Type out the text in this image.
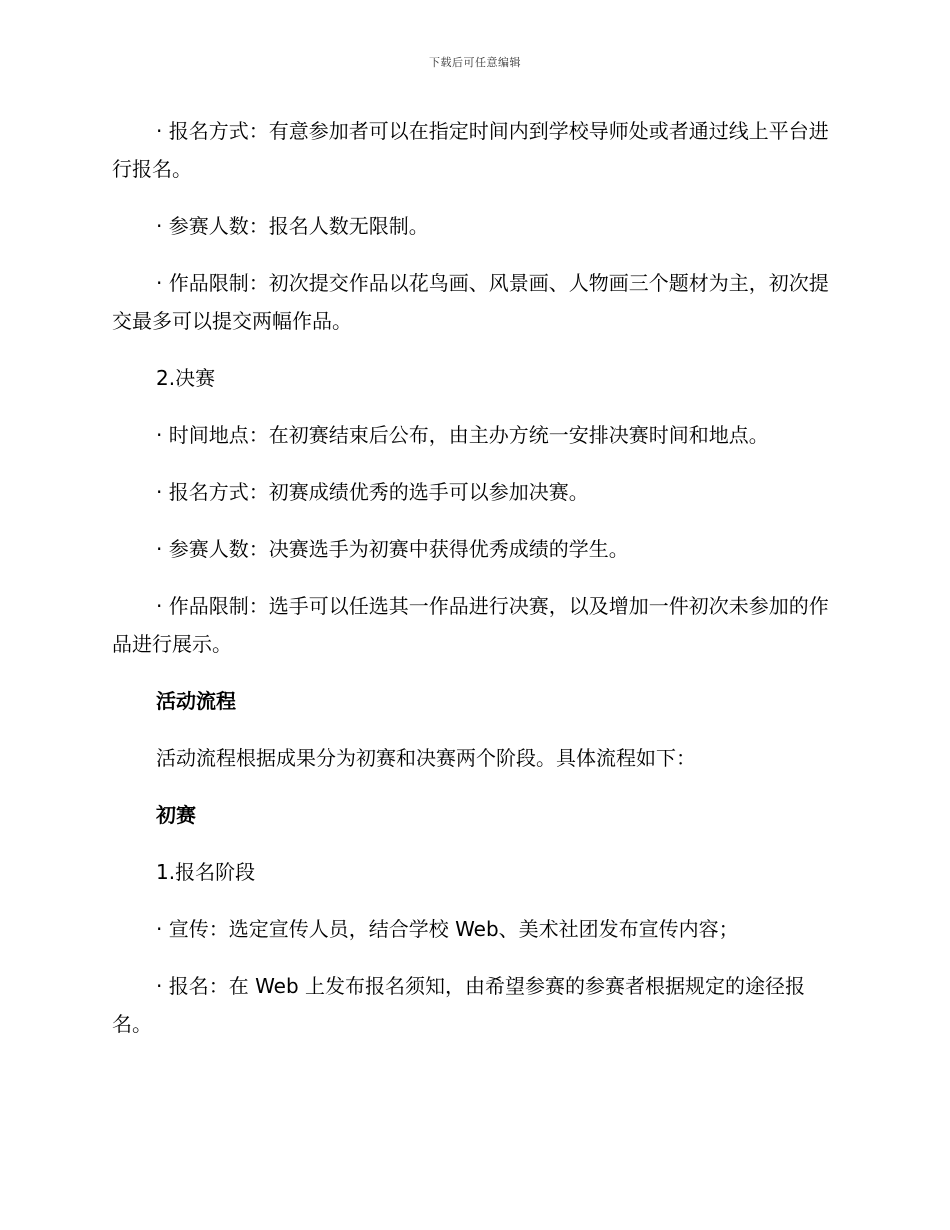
下载后可任意编辑

· 报名方式：有意参加者可以在指定时间内到学校导师处或者通过线上平台进行报名。

· 参赛人数：报名人数无限制。

· 作品限制：初次提交作品以花鸟画、风景画、人物画三个题材为主，初次提交最多可以提交两幅作品。

2.决赛

· 时间地点：在初赛结束后公布，由主办方统一安排决赛时间和地点。

· 报名方式：初赛成绩优秀的选手可以参加决赛。

· 参赛人数：决赛选手为初赛中获得优秀成绩的学生。

· 作品限制：选手可以任选其一作品进行决赛，以及增加一件初次未参加的作品进行展示。

活动流程

活动流程根据成果分为初赛和决赛两个阶段。具体流程如下：

初赛

1.报名阶段

· 宣传：选定宣传人员，结合学校 Web、美术社团发布宣传内容；

· 报名：在 Web 上发布报名须知，由希望参赛的参赛者根据规定的途径报名。
